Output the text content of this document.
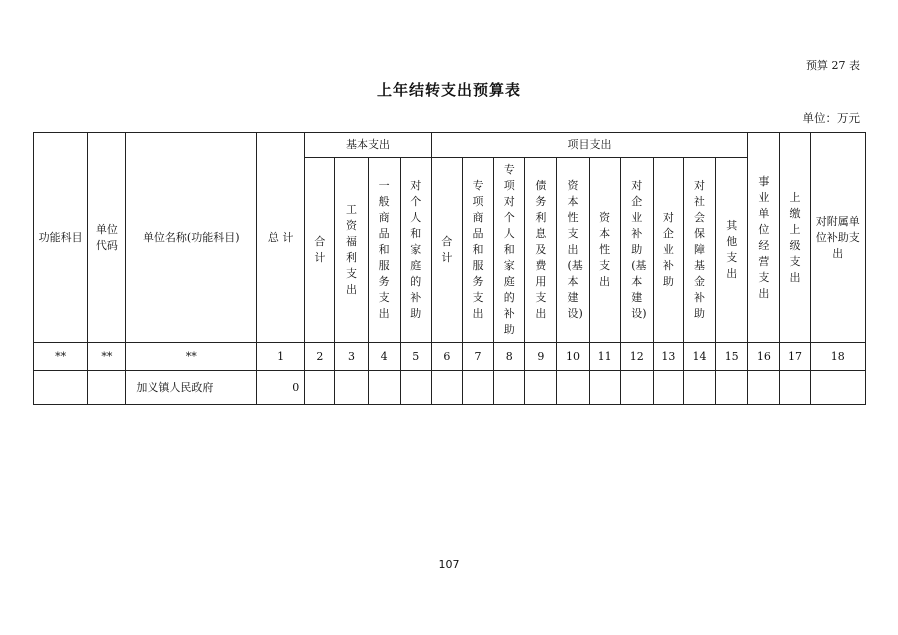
预算 27 表
上年结转支出预算表
单位：万元
功能科目	单位代码	单位名称(功能科目)	总 计	基本支出				项目支出										事业单位经营支出	上缴上级支出	对附属单位补助支出
				合计	工资福利支出	一般商品和服务支出	对个人和家庭的补助	合计	专项商品和服务支出	专项对个人和家庭的补助	债务利息及费用支出	资本性支出(基本建设)	资本性支出	对企业补助(基本建设)	对企业补助	对社会保障基金补助	其他支出			
**	**	**	1	2	3	4	5	6	7	8	9	10	11	12	13	14	15	16	17	18
		加义镇人民政府	0																	
107
